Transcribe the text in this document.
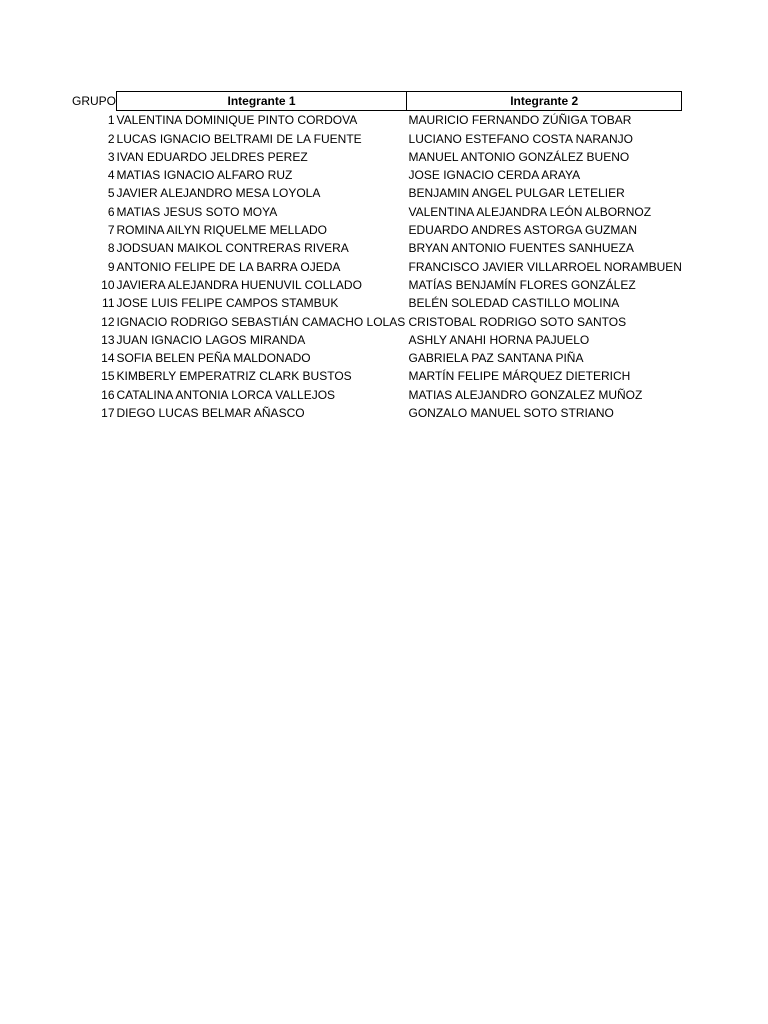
GRUPO	Integrante 1	Integrante 2
1	VALENTINA DOMINIQUE PINTO CORDOVA	MAURICIO FERNANDO ZÚÑIGA TOBAR
2	LUCAS IGNACIO BELTRAMI DE LA FUENTE	LUCIANO ESTEFANO COSTA NARANJO
3	IVAN EDUARDO JELDRES PEREZ	MANUEL ANTONIO GONZÁLEZ BUENO
4	MATIAS IGNACIO ALFARO RUZ	JOSE IGNACIO CERDA ARAYA
5	JAVIER ALEJANDRO MESA LOYOLA	BENJAMIN ANGEL PULGAR LETELIER
6	MATIAS JESUS SOTO MOYA	VALENTINA ALEJANDRA LEÓN ALBORNOZ
7	ROMINA AILYN RIQUELME MELLADO	EDUARDO ANDRES ASTORGA GUZMAN
8	JODSUAN MAIKOL CONTRERAS RIVERA	BRYAN ANTONIO FUENTES SANHUEZA
9	ANTONIO FELIPE DE LA BARRA OJEDA	FRANCISCO JAVIER VILLARROEL NORAMBUEN
10	JAVIERA ALEJANDRA HUENUVIL COLLADO	MATÍAS BENJAMÍN FLORES GONZÁLEZ
11	JOSE LUIS FELIPE CAMPOS STAMBUK	BELÉN SOLEDAD CASTILLO MOLINA
12	IGNACIO RODRIGO SEBASTIÁN CAMACHO LOLAS	CRISTOBAL RODRIGO SOTO SANTOS
13	JUAN IGNACIO LAGOS MIRANDA	ASHLY ANAHI HORNA PAJUELO
14	SOFIA BELEN PEÑA MALDONADO	GABRIELA PAZ SANTANA PIÑA
15	KIMBERLY EMPERATRIZ CLARK BUSTOS	MARTÍN FELIPE MÁRQUEZ DIETERICH
16	CATALINA ANTONIA LORCA VALLEJOS	MATIAS ALEJANDRO GONZALEZ MUÑOZ
17	DIEGO LUCAS BELMAR AÑASCO	GONZALO MANUEL SOTO STRIANO
